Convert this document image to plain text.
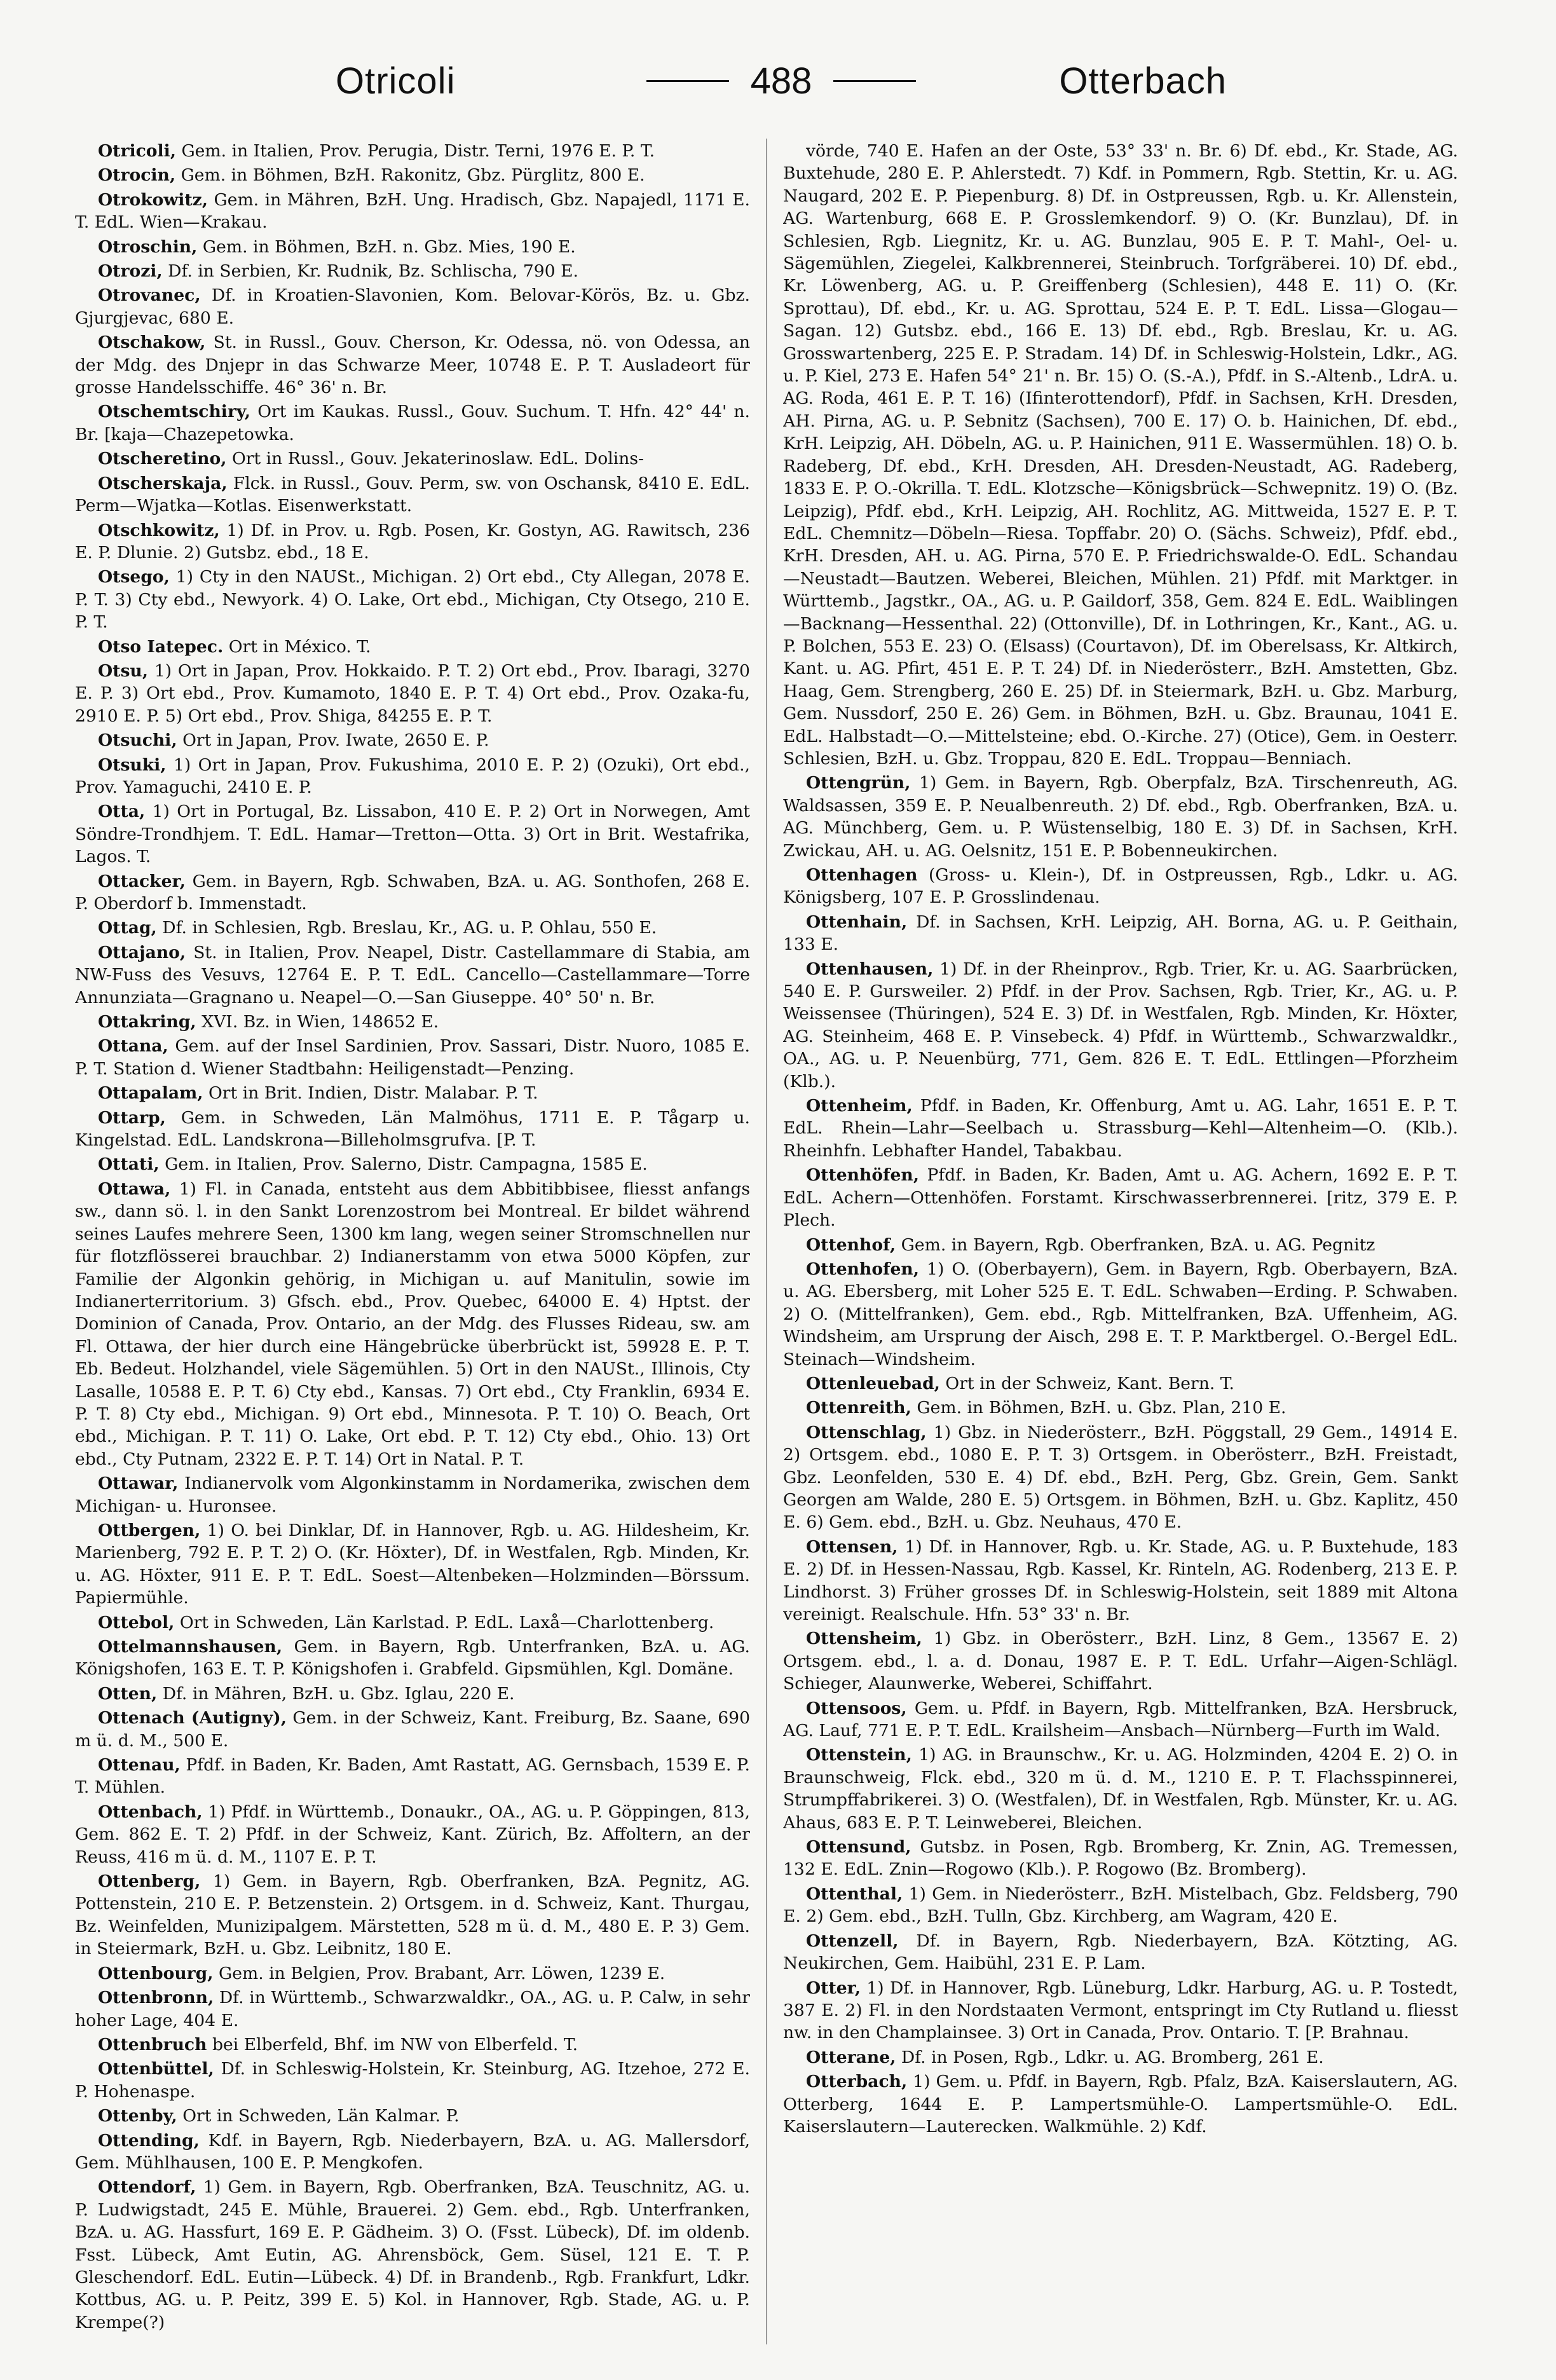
Otricoli	488	Otterbach

Otricoli, Gem. in Italien, Prov. Perugia, Distr. Terni, 1976 E. P. T.

Otrocin, Gem. in Böhmen, BzH. Rakonitz, Gbz. Pürglitz, 800 E.

Otrokowitz, Gem. in Mähren, BzH. Ung. Hradisch, Gbz. Napajedl, 1171 E. T. EdL. Wien—Krakau.

Otroschin, Gem. in Böhmen, BzH. n. Gbz. Mies, 190 E.

Otrozi, Df. in Serbien, Kr. Rudnik, Bz. Schlischa, 790 E.

Otrovanec, Df. in Kroatien-Slavonien, Kom. Belovar-Körös, Bz. u. Gbz. Gjurgjevac, 680 E.

Otschakow, St. in Russl., Gouv. Cherson, Kr. Odessa, nö. von Odessa, an der Mdg. des Dnjepr in das Schwarze Meer, 10748 E. P. T. Ausladeort für grosse Handelsschiffe. 46° 36' n. Br.

Otschemtschiry, Ort im Kaukas. Russl., Gouv. Suchum. T. Hfn. 42° 44' n. Br. [kaja—Chazepetowka.

Otscheretino, Ort in Russl., Gouv. Jekaterinoslaw. EdL. Dolins-

Otscherskaja, Flck. in Russl., Gouv. Perm, sw. von Oschansk, 8410 E. EdL. Perm—Wjatka—Kotlas. Eisenwerkstatt.

Otschkowitz, 1) Df. in Prov. u. Rgb. Posen, Kr. Gostyn, AG. Rawitsch, 236 E. P. Dlunie. 2) Gutsbz. ebd., 18 E.

Otsego, 1) Cty in den NAUSt., Michigan. 2) Ort ebd., Cty Allegan, 2078 E. P. T. 3) Cty ebd., Newyork. 4) O. Lake, Ort ebd., Michigan, Cty Otsego, 210 E. P. T.

Otso Iatepec. Ort in México. T.

Otsu, 1) Ort in Japan, Prov. Hokkaido. P. T. 2) Ort ebd., Prov. Ibaragi, 3270 E. P. 3) Ort ebd., Prov. Kumamoto, 1840 E. P. T. 4) Ort ebd., Prov. Ozaka-fu, 2910 E. P. 5) Ort ebd., Prov. Shiga, 84255 E. P. T.

Otsuchi, Ort in Japan, Prov. Iwate, 2650 E. P.

Otsuki, 1) Ort in Japan, Prov. Fukushima, 2010 E. P. 2) (Ozuki), Ort ebd., Prov. Yamaguchi, 2410 E. P.

Otta, 1) Ort in Portugal, Bz. Lissabon, 410 E. P. 2) Ort in Norwegen, Amt Söndre-Trondhjem. T. EdL. Hamar—Tretton—Otta. 3) Ort in Brit. Westafrika, Lagos. T.

Ottacker, Gem. in Bayern, Rgb. Schwaben, BzA. u. AG. Sonthofen, 268 E. P. Oberdorf b. Immenstadt.

Ottag, Df. in Schlesien, Rgb. Breslau, Kr., AG. u. P. Ohlau, 550 E.

Ottajano, St. in Italien, Prov. Neapel, Distr. Castellammare di Stabia, am NW-Fuss des Vesuvs, 12764 E. P. T. EdL. Cancello—Castellammare—Torre Annunziata—Gragnano u. Neapel—O.—San Giuseppe. 40° 50' n. Br.

Ottakring, XVI. Bz. in Wien, 148652 E.

Ottana, Gem. auf der Insel Sardinien, Prov. Sassari, Distr. Nuoro, 1085 E. P. T. Station d. Wiener Stadtbahn: Heiligenstadt—Penzing.

Ottapalam, Ort in Brit. Indien, Distr. Malabar. P. T.

Ottarp, Gem. in Schweden, Län Malmöhus, 1711 E. P. Tågarp u. Kingelstad. EdL. Landskrona—Billeholmsgrufva. [P. T.

Ottati, Gem. in Italien, Prov. Salerno, Distr. Campagna, 1585 E.

Ottawa, 1) Fl. in Canada, entsteht aus dem Abbitibbisee, fliesst anfangs sw., dann sö. l. in den Sankt Lorenzostrom bei Montreal. Er bildet während seines Laufes mehrere Seen, 1300 km lang, wegen seiner Stromschnellen nur für flotzflösserei brauchbar. 2) Indianerstamm von etwa 5000 Köpfen, zur Familie der Algonkin gehörig, in Michigan u. auf Manitulin, sowie im Indianerterritorium. 3) Gfsch. ebd., Prov. Quebec, 64000 E. 4) Hptst. der Dominion of Canada, Prov. Ontario, an der Mdg. des Flusses Rideau, sw. am Fl. Ottawa, der hier durch eine Hängebrücke überbrückt ist, 59928 E. P. T. Eb. Bedeut. Holzhandel, viele Sägemühlen. 5) Ort in den NAUSt., Illinois, Cty Lasalle, 10588 E. P. T. 6) Cty ebd., Kansas. 7) Ort ebd., Cty Franklin, 6934 E. P. T. 8) Cty ebd., Michigan. 9) Ort ebd., Minnesota. P. T. 10) O. Beach, Ort ebd., Michigan. P. T. 11) O. Lake, Ort ebd. P. T. 12) Cty ebd., Ohio. 13) Ort ebd., Cty Putnam, 2322 E. P. T. 14) Ort in Natal. P. T.

Ottawar, Indianervolk vom Algonkinstamm in Nordamerika, zwischen dem Michigan- u. Huronsee.

Ottbergen, 1) O. bei Dinklar, Df. in Hannover, Rgb. u. AG. Hildesheim, Kr. Marienberg, 792 E. P. T. 2) O. (Kr. Höxter), Df. in Westfalen, Rgb. Minden, Kr. u. AG. Höxter, 911 E. P. T. EdL. Soest—Altenbeken—Holzminden—Börssum. Papiermühle.

Ottebol, Ort in Schweden, Län Karlstad. P. EdL. Laxå—Charlottenberg.

Ottelmannshausen, Gem. in Bayern, Rgb. Unterfranken, BzA. u. AG. Königshofen, 163 E. T. P. Königshofen i. Grabfeld. Gipsmühlen, Kgl. Domäne.

Otten, Df. in Mähren, BzH. u. Gbz. Iglau, 220 E.

Ottenach (Autigny), Gem. in der Schweiz, Kant. Freiburg, Bz. Saane, 690 m ü. d. M., 500 E.

Ottenau, Pfdf. in Baden, Kr. Baden, Amt Rastatt, AG. Gernsbach, 1539 E. P. T. Mühlen.

Ottenbach, 1) Pfdf. in Württemb., Donaukr., OA., AG. u. P. Göppingen, 813, Gem. 862 E. T. 2) Pfdf. in der Schweiz, Kant. Zürich, Bz. Affoltern, an der Reuss, 416 m ü. d. M., 1107 E. P. T.

Ottenberg, 1) Gem. in Bayern, Rgb. Oberfranken, BzA. Pegnitz, AG. Pottenstein, 210 E. P. Betzenstein. 2) Ortsgem. in d. Schweiz, Kant. Thurgau, Bz. Weinfelden, Munizipalgem. Märstetten, 528 m ü. d. M., 480 E. P. 3) Gem. in Steiermark, BzH. u. Gbz. Leibnitz, 180 E.

Ottenbourg, Gem. in Belgien, Prov. Brabant, Arr. Löwen, 1239 E.

Ottenbronn, Df. in Württemb., Schwarzwaldkr., OA., AG. u. P. Calw, in sehr hoher Lage, 404 E.

Ottenbruch bei Elberfeld, Bhf. im NW von Elberfeld. T.

Ottenbüttel, Df. in Schleswig-Holstein, Kr. Steinburg, AG. Itzehoe, 272 E. P. Hohenaspe.

Ottenby, Ort in Schweden, Län Kalmar. P.

Ottending, Kdf. in Bayern, Rgb. Niederbayern, BzA. u. AG. Mallersdorf, Gem. Mühlhausen, 100 E. P. Mengkofen.

Ottendorf, 1) Gem. in Bayern, Rgb. Oberfranken, BzA. Teuschnitz, AG. u. P. Ludwigstadt, 245 E. Mühle, Brauerei. 2) Gem. ebd., Rgb. Unterfranken, BzA. u. AG. Hassfurt, 169 E. P. Gädheim. 3) O. (Fsst. Lübeck), Df. im oldenb. Fsst. Lübeck, Amt Eutin, AG. Ahrensböck, Gem. Süsel, 121 E. T. P. Gleschendorf. EdL. Eutin—Lübeck. 4) Df. in Brandenb., Rgb. Frankfurt, Ldkr. Kottbus, AG. u. P. Peitz, 399 E. 5) Kol. in Hannover, Rgb. Stade, AG. u. P. Krempe(?)

vörde, 740 E. Hafen an der Oste, 53° 33' n. Br. 6) Df. ebd., Kr. Stade, AG. Buxtehude, 280 E. P. Ahlerstedt. 7) Kdf. in Pommern, Rgb. Stettin, Kr. u. AG. Naugard, 202 E. P. Piepenburg. 8) Df. in Ostpreussen, Rgb. u. Kr. Allenstein, AG. Wartenburg, 668 E. P. Grosslemkendorf. 9) O. (Kr. Bunzlau), Df. in Schlesien, Rgb. Liegnitz, Kr. u. AG. Bunzlau, 905 E. P. T. Mahl-, Oel- u. Sägemühlen, Ziegelei, Kalkbrennerei, Steinbruch. Torfgräberei. 10) Df. ebd., Kr. Löwenberg, AG. u. P. Greiffenberg (Schlesien), 448 E. 11) O. (Kr. Sprottau), Df. ebd., Kr. u. AG. Sprottau, 524 E. P. T. EdL. Lissa—Glogau—Sagan. 12) Gutsbz. ebd., 166 E. 13) Df. ebd., Rgb. Breslau, Kr. u. AG. Grosswartenberg, 225 E. P. Stradam. 14) Df. in Schleswig-Holstein, Ldkr., AG. u. P. Kiel, 273 E. Hafen 54° 21' n. Br. 15) O. (S.-A.), Pfdf. in S.-Altenb., LdrA. u. AG. Roda, 461 E. P. T. 16) (Ifinterottendorf), Pfdf. in Sachsen, KrH. Dresden, AH. Pirna, AG. u. P. Sebnitz (Sachsen), 700 E. 17) O. b. Hainichen, Df. ebd., KrH. Leipzig, AH. Döbeln, AG. u. P. Hainichen, 911 E. Wassermühlen. 18) O. b. Radeberg, Df. ebd., KrH. Dresden, AH. Dresden-Neustadt, AG. Radeberg, 1833 E. P. O.-Okrilla. T. EdL. Klotzsche—Königsbrück—Schwepnitz. 19) O. (Bz. Leipzig), Pfdf. ebd., KrH. Leipzig, AH. Rochlitz, AG. Mittweida, 1527 E. P. T. EdL. Chemnitz—Döbeln—Riesa. Topffabr. 20) O. (Sächs. Schweiz), Pfdf. ebd., KrH. Dresden, AH. u. AG. Pirna, 570 E. P. Friedrichswalde-O. EdL. Schandau—Neustadt—Bautzen. Weberei, Bleichen, Mühlen. 21) Pfdf. mit Marktger. in Württemb., Jagstkr., OA., AG. u. P. Gaildorf, 358, Gem. 824 E. EdL. Waiblingen—Backnang—Hessenthal. 22) (Ottonville), Df. in Lothringen, Kr., Kant., AG. u. P. Bolchen, 553 E. 23) O. (Elsass) (Courtavon), Df. im Oberelsass, Kr. Altkirch, Kant. u. AG. Pfirt, 451 E. P. T. 24) Df. in Niederösterr., BzH. Amstetten, Gbz. Haag, Gem. Strengberg, 260 E. 25) Df. in Steiermark, BzH. u. Gbz. Marburg, Gem. Nussdorf, 250 E. 26) Gem. in Böhmen, BzH. u. Gbz. Braunau, 1041 E. EdL. Halbstadt—O.—Mittelsteine; ebd. O.-Kirche. 27) (Otice), Gem. in Oesterr. Schlesien, BzH. u. Gbz. Troppau, 820 E. EdL. Troppau—Benniach.

Ottengrün, 1) Gem. in Bayern, Rgb. Oberpfalz, BzA. Tirschenreuth, AG. Waldsassen, 359 E. P. Neualbenreuth. 2) Df. ebd., Rgb. Oberfranken, BzA. u. AG. Münchberg, Gem. u. P. Wüstenselbig, 180 E. 3) Df. in Sachsen, KrH. Zwickau, AH. u. AG. Oelsnitz, 151 E. P. Bobenneukirchen.

Ottenhagen (Gross- u. Klein-), Df. in Ostpreussen, Rgb., Ldkr. u. AG. Königsberg, 107 E. P. Grosslindenau.

Ottenhain, Df. in Sachsen, KrH. Leipzig, AH. Borna, AG. u. P. Geithain, 133 E.

Ottenhausen, 1) Df. in der Rheinprov., Rgb. Trier, Kr. u. AG. Saarbrücken, 540 E. P. Gursweiler. 2) Pfdf. in der Prov. Sachsen, Rgb. Trier, Kr., AG. u. P. Weissensee (Thüringen), 524 E. 3) Df. in Westfalen, Rgb. Minden, Kr. Höxter, AG. Steinheim, 468 E. P. Vinsebeck. 4) Pfdf. in Württemb., Schwarzwaldkr., OA., AG. u. P. Neuenbürg, 771, Gem. 826 E. T. EdL. Ettlingen—Pforzheim (Klb.).

Ottenheim, Pfdf. in Baden, Kr. Offenburg, Amt u. AG. Lahr, 1651 E. P. T. EdL. Rhein—Lahr—Seelbach u. Strassburg—Kehl—Altenheim—O. (Klb.). Rheinhfn. Lebhafter Handel, Tabakbau.

Ottenhöfen, Pfdf. in Baden, Kr. Baden, Amt u. AG. Achern, 1692 E. P. T. EdL. Achern—Ottenhöfen. Forstamt. Kirschwasserbrennerei. [ritz, 379 E. P. Plech.

Ottenhof, Gem. in Bayern, Rgb. Oberfranken, BzA. u. AG. Pegnitz

Ottenhofen, 1) O. (Oberbayern), Gem. in Bayern, Rgb. Oberbayern, BzA. u. AG. Ebersberg, mit Loher 525 E. T. EdL. Schwaben—Erding. P. Schwaben. 2) O. (Mittelfranken), Gem. ebd., Rgb. Mittelfranken, BzA. Uffenheim, AG. Windsheim, am Ursprung der Aisch, 298 E. T. P. Marktbergel. O.-Bergel EdL. Steinach—Windsheim.

Ottenleuebad, Ort in der Schweiz, Kant. Bern. T.

Ottenreith, Gem. in Böhmen, BzH. u. Gbz. Plan, 210 E.

Ottenschlag, 1) Gbz. in Niederösterr., BzH. Pöggstall, 29 Gem., 14914 E. 2) Ortsgem. ebd., 1080 E. P. T. 3) Ortsgem. in Oberösterr., BzH. Freistadt, Gbz. Leonfelden, 530 E. 4) Df. ebd., BzH. Perg, Gbz. Grein, Gem. Sankt Georgen am Walde, 280 E. 5) Ortsgem. in Böhmen, BzH. u. Gbz. Kaplitz, 450 E. 6) Gem. ebd., BzH. u. Gbz. Neuhaus, 470 E.

Ottensen, 1) Df. in Hannover, Rgb. u. Kr. Stade, AG. u. P. Buxtehude, 183 E. 2) Df. in Hessen-Nassau, Rgb. Kassel, Kr. Rinteln, AG. Rodenberg, 213 E. P. Lindhorst. 3) Früher grosses Df. in Schleswig-Holstein, seit 1889 mit Altona vereinigt. Realschule. Hfn. 53° 33' n. Br.

Ottensheim, 1) Gbz. in Oberösterr., BzH. Linz, 8 Gem., 13567 E. 2) Ortsgem. ebd., l. a. d. Donau, 1987 E. P. T. EdL. Urfahr—Aigen-Schlägl. Schieger, Alaunwerke, Weberei, Schiffahrt.

Ottensoos, Gem. u. Pfdf. in Bayern, Rgb. Mittelfranken, BzA. Hersbruck, AG. Lauf, 771 E. P. T. EdL. Krailsheim—Ansbach—Nürnberg—Furth im Wald.

Ottenstein, 1) AG. in Braunschw., Kr. u. AG. Holzminden, 4204 E. 2) O. in Braunschweig, Flck. ebd., 320 m ü. d. M., 1210 E. P. T. Flachsspinnerei, Strumpffabrikerei. 3) O. (Westfalen), Df. in Westfalen, Rgb. Münster, Kr. u. AG. Ahaus, 683 E. P. T. Leinweberei, Bleichen.

Ottensund, Gutsbz. in Posen, Rgb. Bromberg, Kr. Znin, AG. Tremessen, 132 E. EdL. Znin—Rogowo (Klb.). P. Rogowo (Bz. Bromberg).

Ottenthal, 1) Gem. in Niederösterr., BzH. Mistelbach, Gbz. Feldsberg, 790 E. 2) Gem. ebd., BzH. Tulln, Gbz. Kirchberg, am Wagram, 420 E.

Ottenzell, Df. in Bayern, Rgb. Niederbayern, BzA. Kötzting, AG. Neukirchen, Gem. Haibühl, 231 E. P. Lam.

Otter, 1) Df. in Hannover, Rgb. Lüneburg, Ldkr. Harburg, AG. u. P. Tostedt, 387 E. 2) Fl. in den Nordstaaten Vermont, entspringt im Cty Rutland u. fliesst nw. in den Champlainsee. 3) Ort in Canada, Prov. Ontario. T. [P. Brahnau.

Otterane, Df. in Posen, Rgb., Ldkr. u. AG. Bromberg, 261 E.

Otterbach, 1) Gem. u. Pfdf. in Bayern, Rgb. Pfalz, BzA. Kaiserslautern, AG. Otterberg, 1644 E. P. Lampertsmühle-O. Lampertsmühle-O. EdL. Kaiserslautern—Lauterecken. Walkmühle. 2) Kdf.
